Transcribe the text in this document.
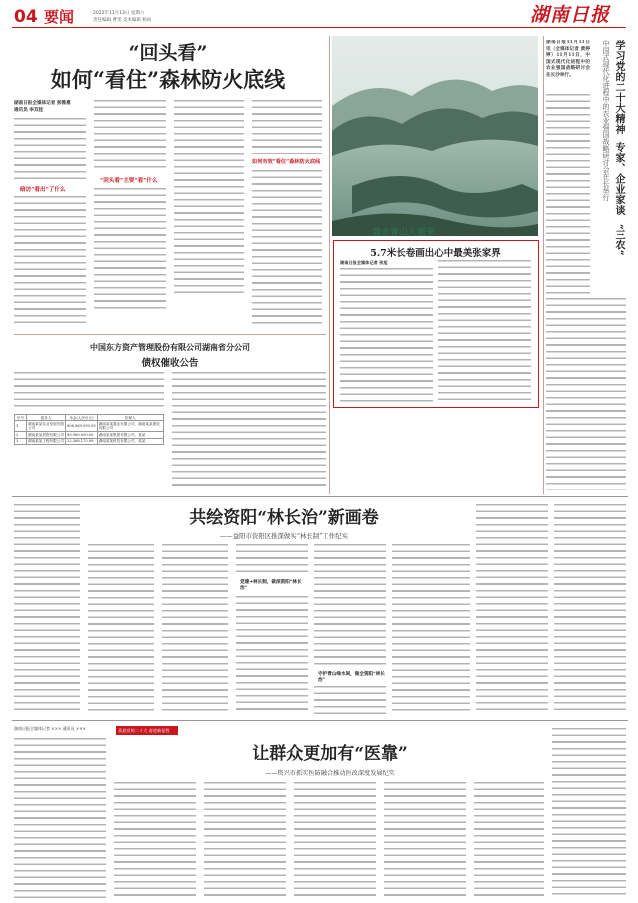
04 要闻	2022年11月13日 星期六
责任编辑 曹雯 美术编辑 杨尚	湖南日报
“回头看”
如何“看住”森林防火底线
湖南日报全媒体记者 彭雅惠
通讯员 李双桂
暗访“看出”了什么
“回头看”主要“看”什么
如何有效“看住”森林防火底线
中国东方资产管理股份有限公司湖南省分公司
债权催收公告
序号	债务人	本金(人民币元)	担保人
1	湖南某某实业发展有限公司	808,869,990.99	湖南某某置业有限公司、湖南某某建设有限公司
2	湖南某某投资有限公司	89,960,000.00	湖南某某集团有限公司、某某
3	湖南某某工程有限公司	22,368,175.08	湖南某某科技有限公司、某某
碧水青山入画来 11月10日，在郴州东江湖拍摄的雾漫小东江美景。
5.7米长卷画出心中最美张家界
湖南日报全媒体记者 张旭
学习党的二十大精神
专家、企业家谈
“三农”
中国式现代化进程中的农业强国战略研讨会在长举行
湖南日报11月11日讯（全媒体记者 黄婷婷）11月11日，中国式现代化进程中的农业强国战略研讨会在长沙举行。
共绘资阳“林长治”新画卷
——益阳市资阳区推深做实“林长制”工作纪实
党建+林长制，做深资阳“林长治”
守护青山绿水间，做全资阳“林长治”
湖南日报全媒体记者 ××× 通讯员 ×××	喜迎党的二十大 奋进新征程
让群众更加有“医靠”
——资兴市抓实医防融合推动医改深度发展纪实
